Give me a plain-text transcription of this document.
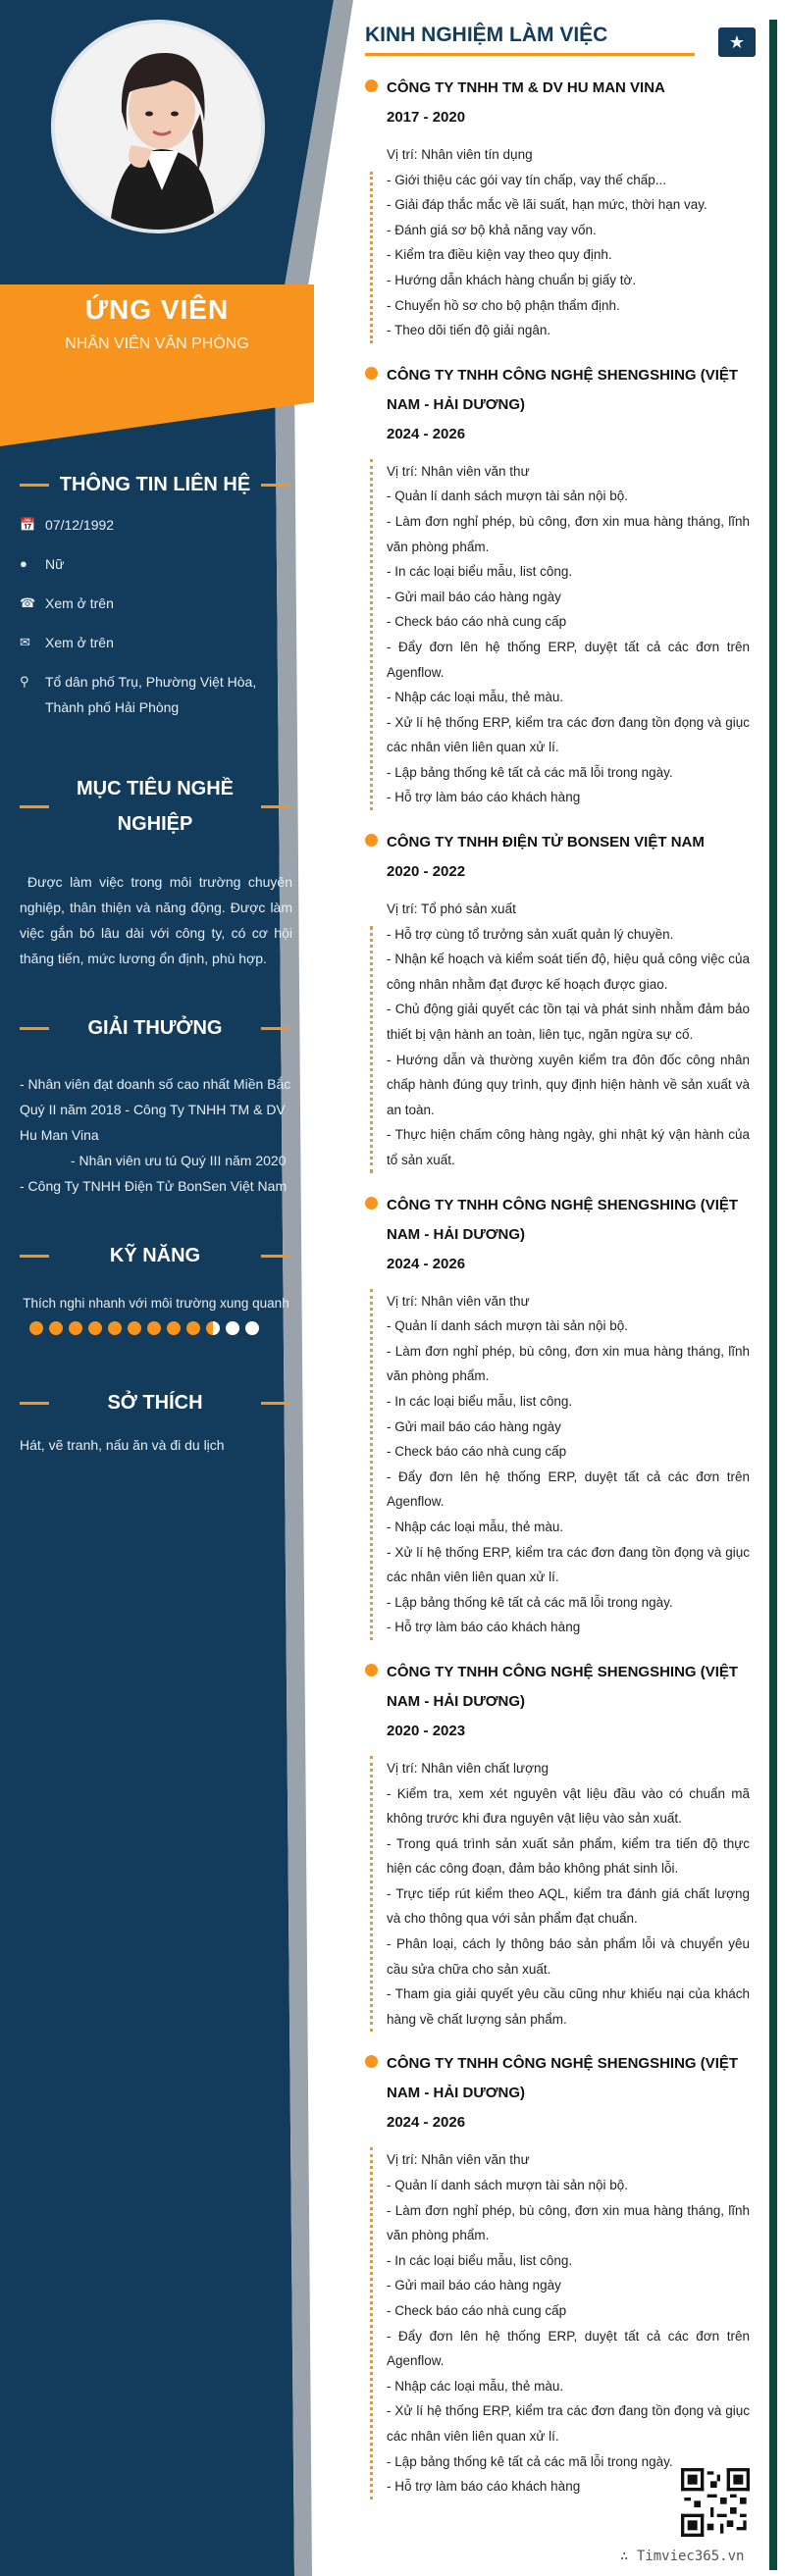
ỨNG VIÊN
NHÂN VIÊN VĂN PHÒNG
THÔNG TIN LIÊN HỆ
📅 07/12/1992
●	Nữ
☎ Xem ở trên
✉	Xem ở trên
⚲	Tổ dân phố Trụ, Phường Việt Hòa, Thành phố Hải Phòng
MỤC TIÊU NGHỀ
NGHIỆP
Được làm việc trong môi trường chuyên nghiệp, thân thiện và năng động. Được làm việc gắn bó lâu dài với công ty, có cơ hội thăng tiến, mức lương ổn định, phù hợp.
GIẢI THƯỞNG
- Nhân viên đạt doanh số cao nhất Miền Bắc Quý II năm 2018 - Công Ty TNHH TM & DV Hu Man Vina
- Nhân viên ưu tú Quý III năm 2020 - Công Ty TNHH Điện Tử BonSen Việt Nam
KỸ NĂNG
Thích nghi nhanh với môi trường xung quanh
SỞ THÍCH
Hát, vẽ tranh, nấu ăn và đi du lịch
KINH NGHIỆM LÀM VIỆC	★
CÔNG TY TNHH TM & DV HU MAN VINA
2017 - 2020
Vị trí: Nhân viên tín dụng
- Giới thiệu các gói vay tín chấp, vay thế chấp...
- Giải đáp thắc mắc về lãi suất, hạn mức, thời hạn vay.
- Đánh giá sơ bộ khả năng vay vốn.
- Kiểm tra điều kiện vay theo quy định.
- Hướng dẫn khách hàng chuẩn bị giấy tờ.
- Chuyển hồ sơ cho bộ phận thẩm định.
- Theo dõi tiến độ giải ngân.
CÔNG TY TNHH CÔNG NGHỆ SHENGSHING (VIỆT NAM - HẢI DƯƠNG)
2024 - 2026
Vị trí: Nhân viên văn thư
- Quản lí danh sách mượn tài sản nội bộ.
- Làm đơn nghỉ phép, bù công, đơn xin mua hàng tháng, lĩnh văn phòng phẩm.
- In các loại biểu mẫu, list công.
- Gửi mail báo cáo hàng ngày
- Check báo cáo nhà cung cấp
- Đẩy đơn lên hệ thống ERP, duyệt tất cả các đơn trên Agenflow.
- Nhập các loại mẫu, thẻ màu.
- Xử lí hệ thống ERP, kiểm tra các đơn đang tồn đọng và giục các nhân viên liên quan xử lí.
- Lập bảng thống kê tất cả các mã lỗi trong ngày.
- Hỗ trợ làm báo cáo khách hàng
CÔNG TY TNHH ĐIỆN TỬ BONSEN VIỆT NAM
2020 - 2022
Vị trí: Tổ phó sản xuất
- Hỗ trợ cùng tổ trưởng sản xuất quản lý chuyền.
- Nhận kế hoạch và kiểm soát tiến độ, hiệu quả công việc của công nhân nhằm đạt được kế hoạch được giao.
- Chủ động giải quyết các tồn tại và phát sinh nhằm đảm bảo thiết bị vận hành an toàn, liên tục, ngăn ngừa sự cố.
- Hướng dẫn và thường xuyên kiểm tra đôn đốc công nhân chấp hành đúng quy trình, quy định hiện hành về sản xuất và an toàn.
- Thực hiện chấm công hàng ngày, ghi nhật ký vận hành của tổ sản xuất.
CÔNG TY TNHH CÔNG NGHỆ SHENGSHING (VIỆT NAM - HẢI DƯƠNG)
2024 - 2026
Vị trí: Nhân viên văn thư
- Quản lí danh sách mượn tài sản nội bộ.
- Làm đơn nghỉ phép, bù công, đơn xin mua hàng tháng, lĩnh văn phòng phẩm.
- In các loại biểu mẫu, list công.
- Gửi mail báo cáo hàng ngày
- Check báo cáo nhà cung cấp
- Đẩy đơn lên hệ thống ERP, duyệt tất cả các đơn trên Agenflow.
- Nhập các loại mẫu, thẻ màu.
- Xử lí hệ thống ERP, kiểm tra các đơn đang tồn đọng và giục các nhân viên liên quan xử lí.
- Lập bảng thống kê tất cả các mã lỗi trong ngày.
- Hỗ trợ làm báo cáo khách hàng
CÔNG TY TNHH CÔNG NGHỆ SHENGSHING (VIỆT NAM - HẢI DƯƠNG)
2020 - 2023
Vị trí: Nhân viên chất lượng
- Kiểm tra, xem xét nguyên vật liệu đầu vào có chuẩn mã không trước khi đưa nguyên vật liệu vào sản xuất.
- Trong quá trình sản xuất sản phẩm, kiểm tra tiến độ thực hiện các công đoạn, đảm bảo không phát sinh lỗi.
- Trực tiếp rút kiểm theo AQL, kiểm tra đánh giá chất lượng và cho thông qua với sản phẩm đạt chuẩn.
- Phân loại, cách ly thông báo sản phẩm lỗi và chuyển yêu cầu sửa chữa cho sản xuất.
- Tham gia giải quyết yêu cầu cũng như khiếu nại của khách hàng về chất lượng sản phẩm.
CÔNG TY TNHH CÔNG NGHỆ SHENGSHING (VIỆT NAM - HẢI DƯƠNG)
2024 - 2026
Vị trí: Nhân viên văn thư
- Quản lí danh sách mượn tài sản nội bộ.
- Làm đơn nghỉ phép, bù công, đơn xin mua hàng tháng, lĩnh văn phòng phẩm.
- In các loại biểu mẫu, list công.
- Gửi mail báo cáo hàng ngày
- Check báo cáo nhà cung cấp
- Đẩy đơn lên hệ thống ERP, duyệt tất cả các đơn trên Agenflow.
- Nhập các loại mẫu, thẻ màu.
- Xử lí hệ thống ERP, kiểm tra các đơn đang tồn đọng và giục các nhân viên liên quan xử lí.
- Lập bảng thống kê tất cả các mã lỗi trong ngày.
- Hỗ trợ làm báo cáo khách hàng
∴ Timviec365.vn
